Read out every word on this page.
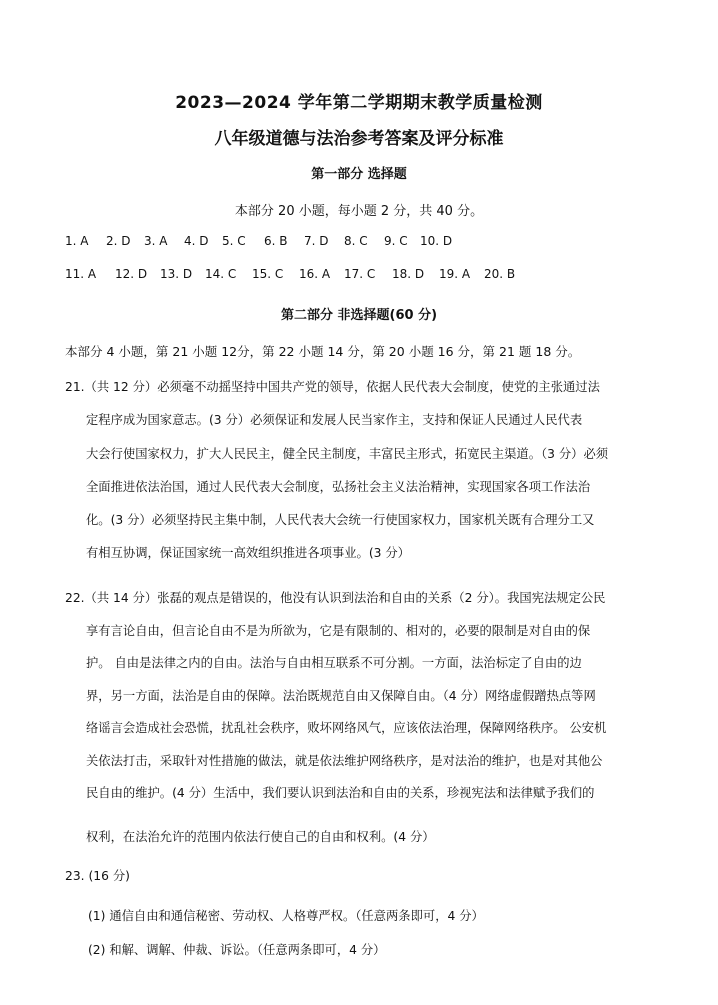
2023—2024 学年第二学期期末教学质量检测
八年级道德与法治参考答案及评分标准
第一部分 选择题
本部分 20 小题，每小题 2 分，共 40 分。
1. A 2. D 3. A 4. D 5. C 6. B 7. D 8. C 9. C 10. D
11. A 12. D 13. D 14. C 15. C 16. A 17. C 18. D 19. A 20. B
第二部分 非选择题(60 分)
本部分 4 小题，第 21 小题 12分，第 22 小题 14 分，第 20 小题 16 分，第 21 题 18 分。
21.（共 12 分）必须毫不动摇坚持中国共产党的领导，依据人民代表大会制度，使党的主张通过法
定程序成为国家意志。(3 分）必须保证和发展人民当家作主，支持和保证人民通过人民代表
大会行使国家权力，扩大人民民主，健全民主制度，丰富民主形式，拓宽民主渠道。（3 分）必须
全面推进依法治国，通过人民代表大会制度，弘扬社会主义法治精神，实现国家各项工作法治
化。(3 分）必须坚持民主集中制，人民代表大会统一行使国家权力，国家机关既有合理分工又
有相互协调，保证国家统一高效组织推进各项事业。(3 分）
22.（共 14 分）张磊的观点是错误的，他没有认识到法治和自由的关系（2 分）。我国宪法规定公民
享有言论自由，但言论自由不是为所欲为，它是有限制的、相对的，必要的限制是对自由的保
护。 自由是法律之内的自由。法治与自由相互联系不可分割。一方面，法治标定了自由的边
界，另一方面，法治是自由的保障。法治既规范自由又保障自由。（4 分）网络虚假蹭热点等网
络谣言会造成社会恐慌，扰乱社会秩序，败坏网络风气，应该依法治理，保障网络秩序。 公安机
关依法打击，采取针对性措施的做法，就是依法维护网络秩序，是对法治的维护，也是对其他公
民自由的维护。(4 分）生活中，我们要认识到法治和自由的关系，珍视宪法和法律赋予我们的
权利，在法治允许的范围内依法行使自己的自由和权利。(4 分）
23. (16 分)
(1) 通信自由和通信秘密、劳动权、人格尊严权。（任意两条即可，4 分）
(2) 和解、调解、仲裁、诉讼。（任意两条即可，4 分）
